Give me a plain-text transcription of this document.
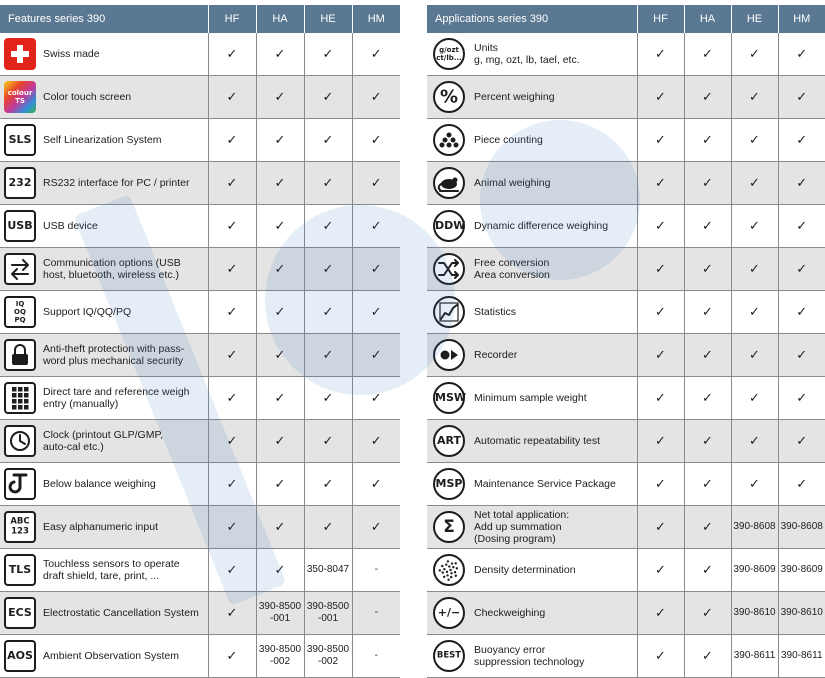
Features series 390		HF	HA	HE	HM

Swiss made	✓	✓	✓	✓

colour
TS	Color touch screen	✓	✓	✓	✓

SLS	Self Linearization System	✓	✓	✓	✓

232	RS232 interface for PC / printer	✓	✓	✓	✓

USB	USB device	✓	✓	✓	✓

Communication options (USB
host, bluetooth, wireless etc.)	✓	✓	✓	✓

IQ
OQ
PQ	Support IQ/QQ/PQ	✓	✓	✓	✓

Anti-theft protection with pass-
word plus mechanical security	✓	✓	✓	✓

Direct tare and reference weigh
entry (manually)	✓	✓	✓	✓

Clock (printout GLP/GMP,
auto-cal etc.)	✓	✓	✓	✓

Below balance weighing	✓	✓	✓	✓

ABC
123	Easy alphanumeric input	✓	✓	✓	✓

TLS	Touchless sensors to operate
draft shield, tare, print, ...	✓	✓	350-8047	-

ECS	Electrostatic Cancellation System	✓	390-8500
-001	390-8500
-001	-

AOS	Ambient Observation System	✓	390-8500
-002	390-8500
-002	-
Applications series 390		HF	HA	HE	HM

g/ozt
ct/lb...	Units
g, mg, ozt, lb, tael, etc.	✓	✓	✓	✓

%	Percent weighing	✓	✓	✓	✓

Piece counting	✓	✓	✓	✓

Animal weighing	✓	✓	✓	✓

DDW	Dynamic difference weighing	✓	✓	✓	✓

Free conversion
Area conversion	✓	✓	✓	✓

Statistics	✓	✓	✓	✓

Recorder	✓	✓	✓	✓

MSW	Minimum sample weight	✓	✓	✓	✓

ART	Automatic repeatability test	✓	✓	✓	✓

MSP	Maintenance Service Package	✓	✓	✓	✓

Σ	Net total application:
Add up summation
(Dosing program)	✓	✓	390-8608	390-8608

Density determination	✓	✓	390-8609	390-8609

+/−	Checkweighing	✓	✓	390-8610	390-8610

BEST	Buoyancy error
suppression technology	✓	✓	390-8611	390-8611
